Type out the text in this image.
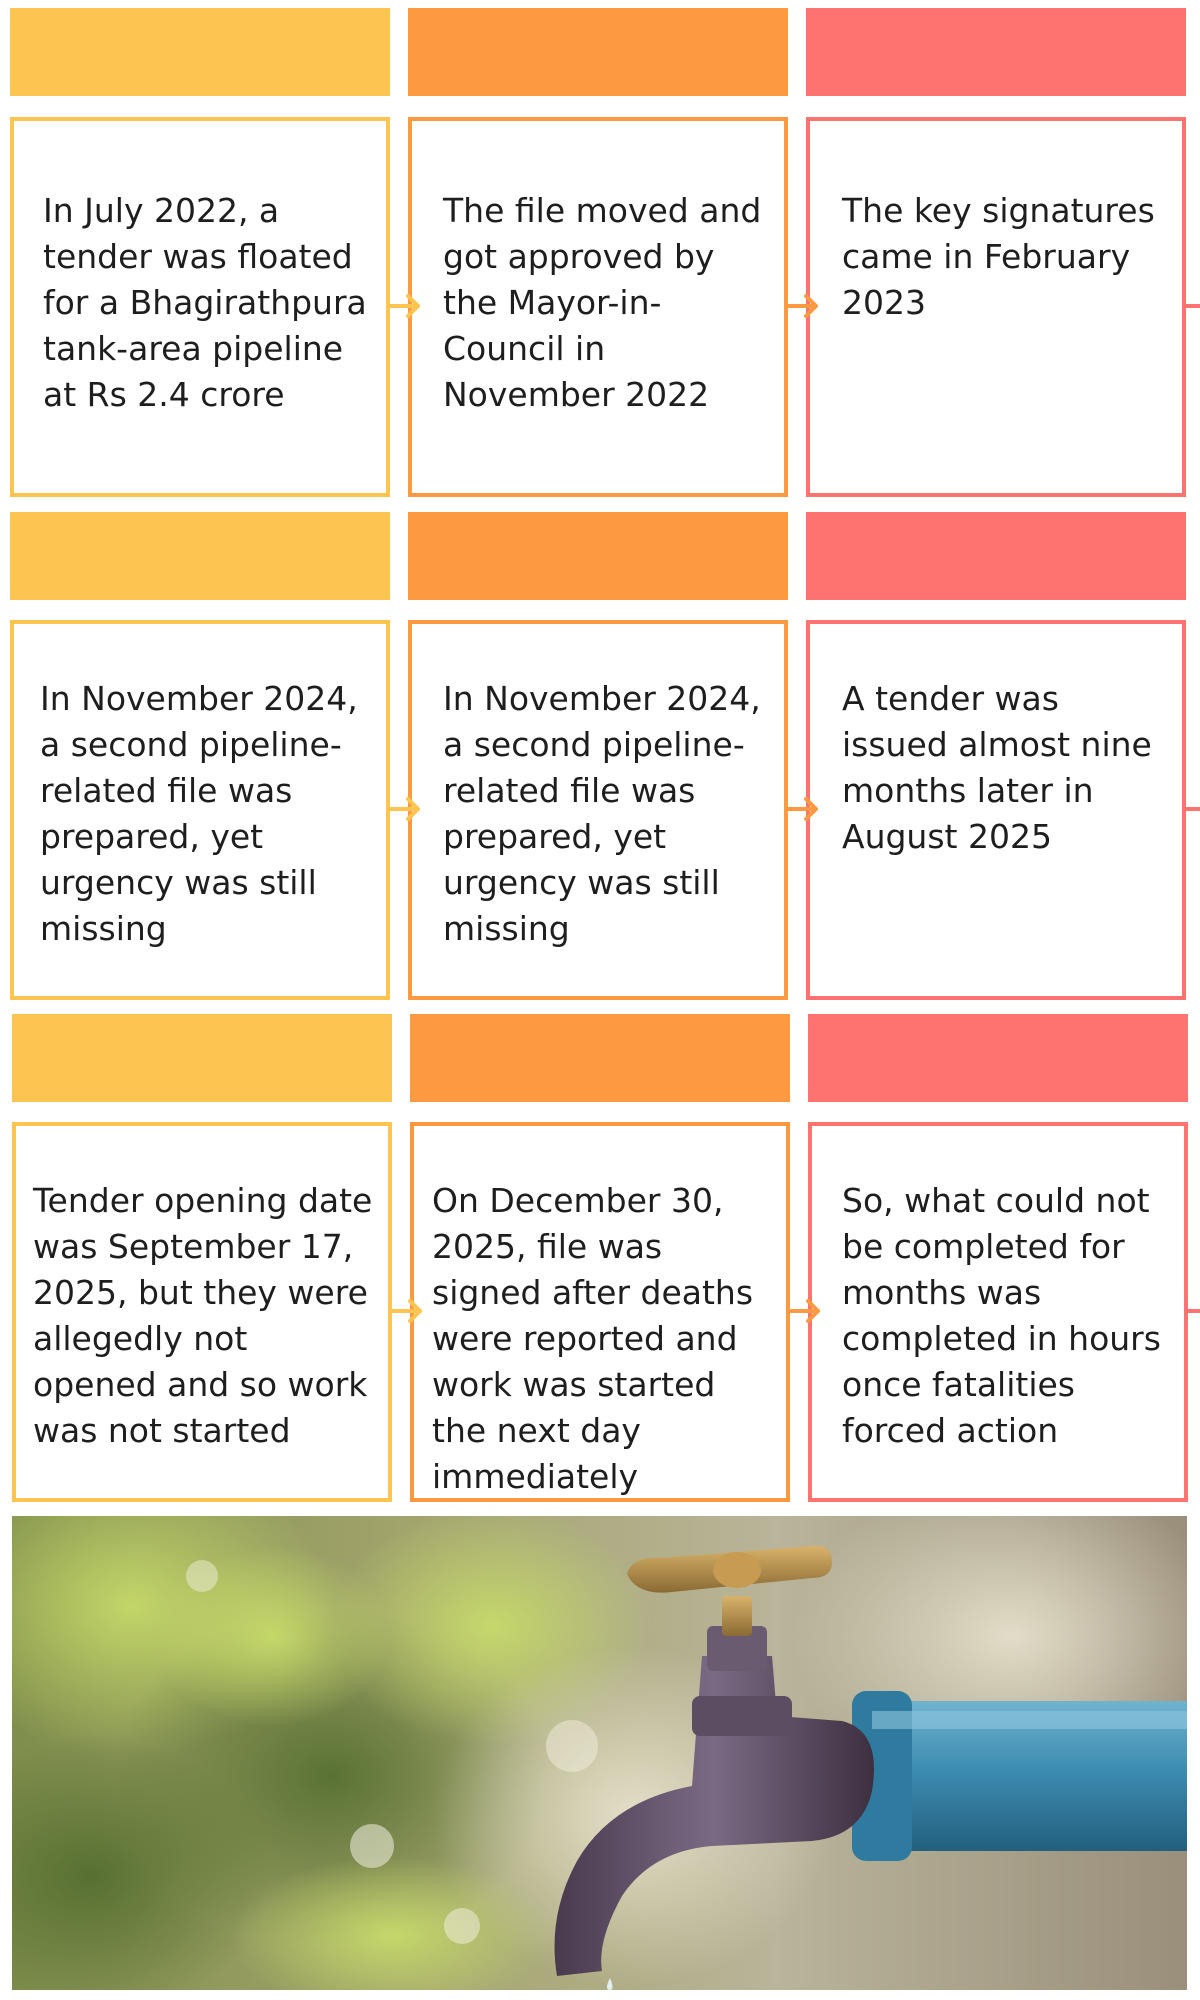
In July 2022, a tender was floated for a Bhagirathpura tank-area pipeline at Rs 2.4 crore
The file moved and got approved by the Mayor-in-Council in November 2022
The key signatures came in February 2023
In November 2024, a second pipeline-related file was prepared, yet urgency was still missing
In November 2024, a second pipeline-related file was prepared, yet urgency was still missing
A tender was issued almost nine months later in August 2025
Tender opening date was September 17, 2025, but they were allegedly not opened and so work was not started
On December 30, 2025, file was signed after deaths were reported and work was started the next day immediately
So, what could not be completed for months was completed in hours once fatalities forced action
